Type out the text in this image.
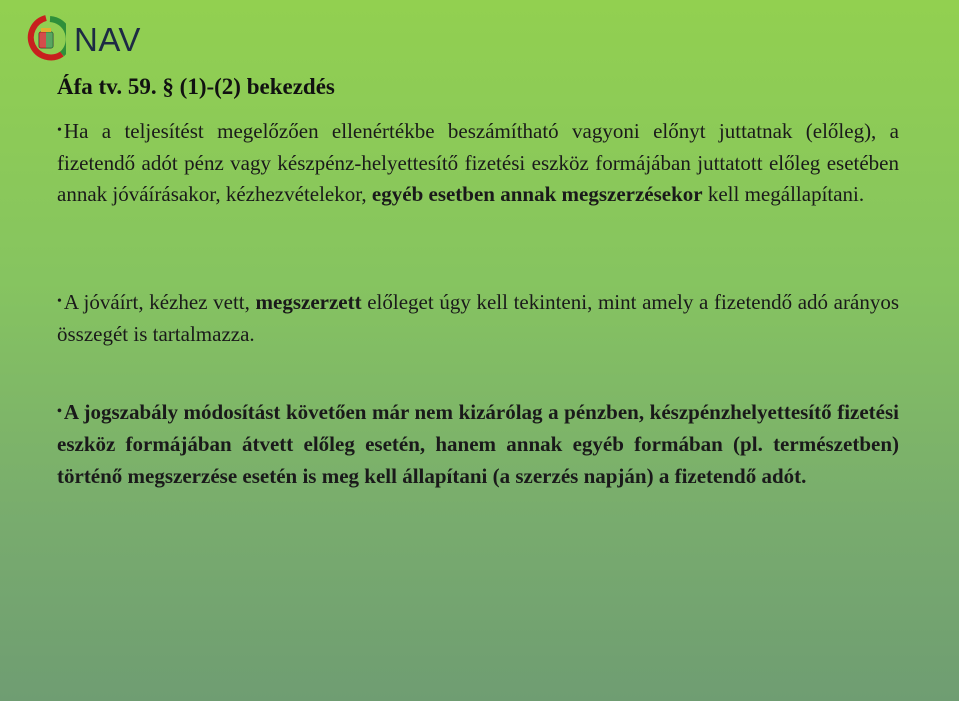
NAV
Áfa tv. 59. § (1)-(2) bekezdés
•Ha a teljesítést megelőzően ellenértékbe beszámítható vagyoni előnyt juttatnak (előleg), a fizetendő adót pénz vagy készpénz-helyettesítő fizetési eszköz formájában juttatott előleg esetében annak jóváírásakor, kézhezvételekor, egyéb esetben annak megszerzésekor kell megállapítani.
•A jóváírt, kézhez vett, megszerzett előleget úgy kell tekinteni, mint amely a fizetendő adó arányos összegét is tartalmazza.
•A jogszabály módosítást követően már nem kizárólag a pénzben, készpénzhelyettesítő fizetési eszköz formájában átvett előleg esetén, hanem annak egyéb formában (pl. természetben) történő megszerzése esetén is meg kell állapítani (a szerzés napján) a fizetendő adót.
